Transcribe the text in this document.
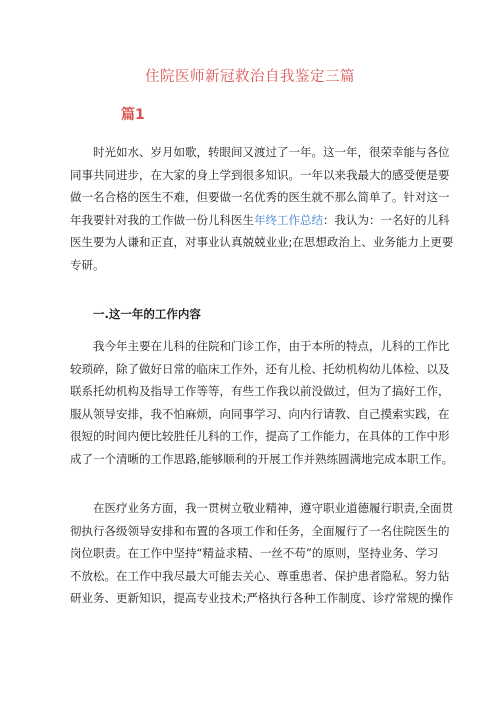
住院医师新冠救治自我鉴定三篇
篇1
时光如水、岁月如歌，转眼间又渡过了一年。这一年，很荣幸能与各位
同事共同进步，在大家的身上学到很多知识。一年以来我最大的感受便是要
做一名合格的医生不难，但要做一名优秀的医生就不那么简单了。针对这一
年我要针对我的工作做一份儿科医生年终工作总结：我认为：一名好的儿科
医生要为人谦和正直，对事业认真兢兢业业;在思想政治上、业务能力上更要
专研。
一.这一年的工作内容
我今年主要在儿科的住院和门诊工作，由于本所的特点，儿科的工作比
较琐碎，除了做好日常的临床工作外，还有儿检、托幼机构幼儿体检、以及
联系托幼机构及指导工作等等，有些工作我以前没做过，但为了搞好工作，
服从领导安排，我不怕麻烦，向同事学习、向内行请教、自己摸索实践，在
很短的时间内便比较胜任儿科的工作，提高了工作能力，在具体的工作中形
成了一个清晰的工作思路,能够顺利的开展工作并熟练圆满地完成本职工作。
在医疗业务方面，我一贯树立敬业精神，遵守职业道德履行职责,全面贯
彻执行各级领导安排和布置的各项工作和任务，全面履行了一名住院医生的
岗位职责。在工作中坚持“精益求精、一丝不苟”的原则，坚持业务、学习
不放松。在工作中我尽最大可能去关心、尊重患者、保护患者隐私。努力钻
研业务、更新知识，提高专业技术;严格执行各种工作制度、诊疗常规的操作
